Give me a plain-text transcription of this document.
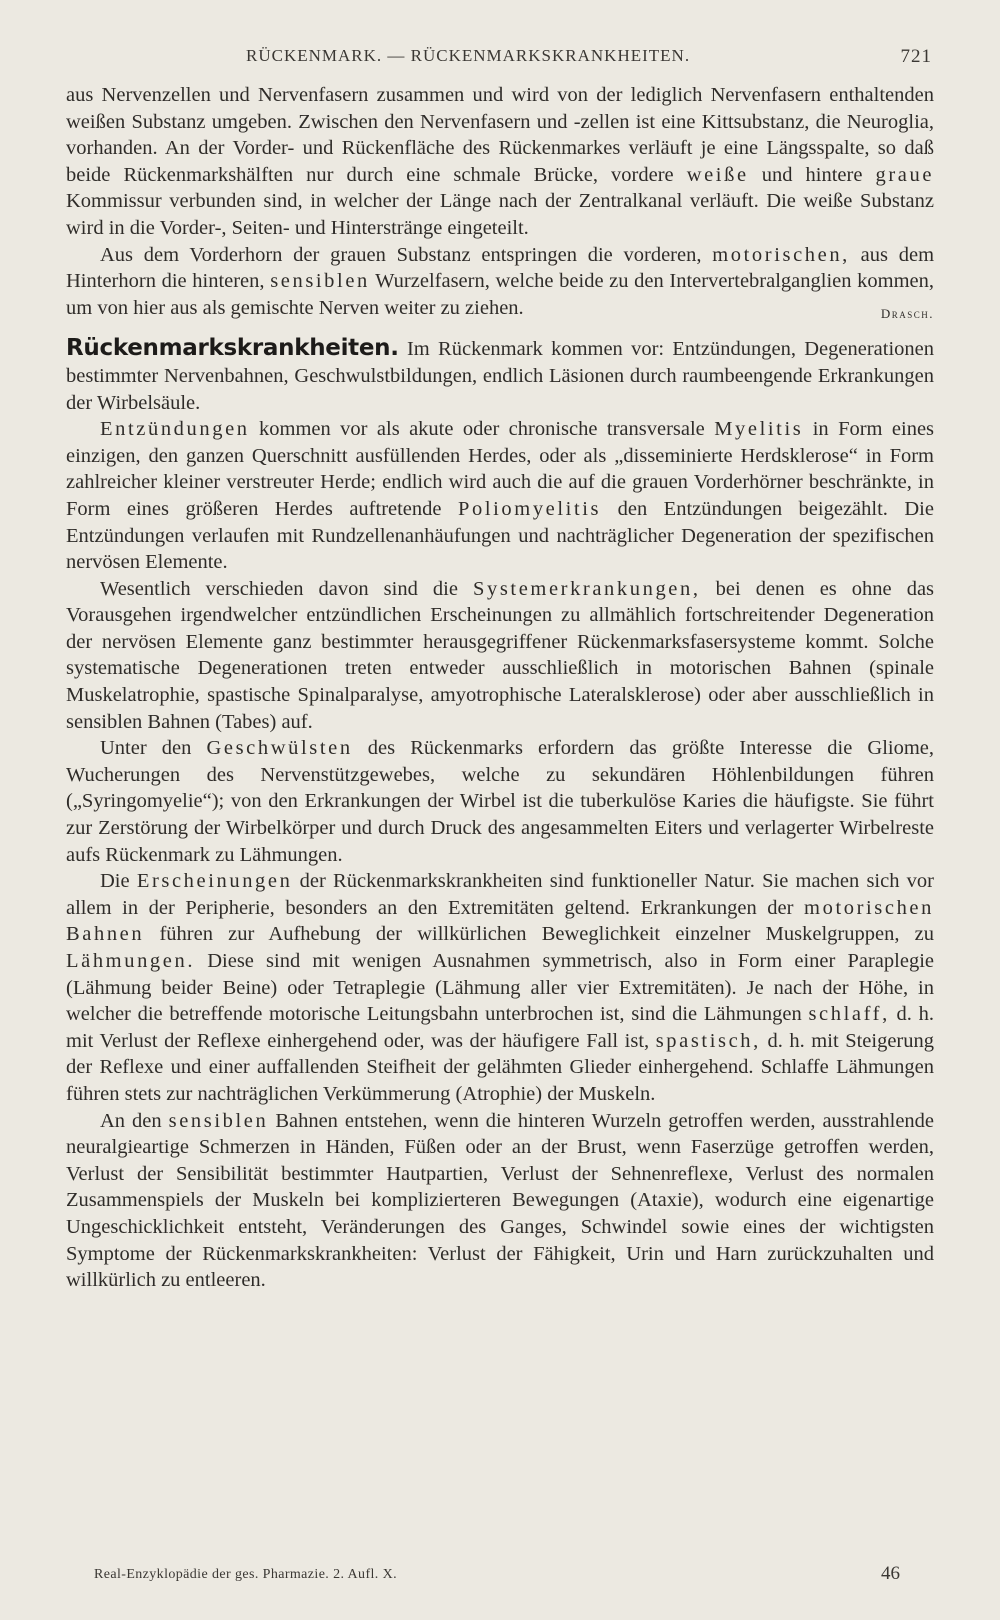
RÜCKENMARK. — RÜCKENMARKSKRANKHEITEN.	721

aus Nervenzellen und Nervenfasern zusammen und wird von der lediglich Nervenfasern enthaltenden weißen Substanz umgeben. Zwischen den Nervenfasern und -zellen ist eine Kittsubstanz, die Neuroglia, vorhanden. An der Vorder- und Rückenfläche des Rückenmarkes verläuft je eine Längsspalte, so daß beide Rückenmarkshälften nur durch eine schmale Brücke, vordere weiße und hintere graue Kommissur verbunden sind, in welcher der Länge nach der Zentralkanal verläuft. Die weiße Substanz wird in die Vorder-, Seiten- und Hinterstränge eingeteilt.

Aus dem Vorderhorn der grauen Substanz entspringen die vorderen, motorischen, aus dem Hinterhorn die hinteren, sensiblen Wurzelfasern, welche beide zu den Intervertebralganglien kommen, um von hier aus als gemischte Nerven weiter zu ziehen.	Drasch.

Rückenmarkskrankheiten. Im Rückenmark kommen vor: Entzündungen, Degenerationen bestimmter Nervenbahnen, Geschwulstbildungen, endlich Läsionen durch raumbeengende Erkrankungen der Wirbelsäule.

Entzündungen kommen vor als akute oder chronische transversale Myelitis in Form eines einzigen, den ganzen Querschnitt ausfüllenden Herdes, oder als „disseminierte Herdsklerose“ in Form zahlreicher kleiner verstreuter Herde; endlich wird auch die auf die grauen Vorderhörner beschränkte, in Form eines größeren Herdes auftretende Poliomyelitis den Entzündungen beigezählt. Die Entzündungen verlaufen mit Rundzellenanhäufungen und nachträglicher Degeneration der spezifischen nervösen Elemente.

Wesentlich verschieden davon sind die Systemerkrankungen, bei denen es ohne das Vorausgehen irgendwelcher entzündlichen Erscheinungen zu allmählich fortschreitender Degeneration der nervösen Elemente ganz bestimmter herausgegriffener Rückenmarksfasersysteme kommt. Solche systematische Degenerationen treten entweder ausschließlich in motorischen Bahnen (spinale Muskelatrophie, spastische Spinalparalyse, amyotrophische Lateralsklerose) oder aber ausschließlich in sensiblen Bahnen (Tabes) auf.

Unter den Geschwülsten des Rückenmarks erfordern das größte Interesse die Gliome, Wucherungen des Nervenstützgewebes, welche zu sekundären Höhlenbildungen führen („Syringomyelie“); von den Erkrankungen der Wirbel ist die tuberkulöse Karies die häufigste. Sie führt zur Zerstörung der Wirbelkörper und durch Druck des angesammelten Eiters und verlagerter Wirbelreste aufs Rückenmark zu Lähmungen.

Die Erscheinungen der Rückenmarkskrankheiten sind funktioneller Natur. Sie machen sich vor allem in der Peripherie, besonders an den Extremitäten geltend. Erkrankungen der motorischen Bahnen führen zur Aufhebung der willkürlichen Beweglichkeit einzelner Muskelgruppen, zu Lähmungen. Diese sind mit wenigen Ausnahmen symmetrisch, also in Form einer Paraplegie (Lähmung beider Beine) oder Tetraplegie (Lähmung aller vier Extremitäten). Je nach der Höhe, in welcher die betreffende motorische Leitungsbahn unterbrochen ist, sind die Lähmungen schlaff, d. h. mit Verlust der Reflexe einhergehend oder, was der häufigere Fall ist, spastisch, d. h. mit Steigerung der Reflexe und einer auffallenden Steifheit der gelähmten Glieder einhergehend. Schlaffe Lähmungen führen stets zur nachträglichen Verkümmerung (Atrophie) der Muskeln.

An den sensiblen Bahnen entstehen, wenn die hinteren Wurzeln getroffen werden, ausstrahlende neuralgieartige Schmerzen in Händen, Füßen oder an der Brust, wenn Faserzüge getroffen werden, Verlust der Sensibilität bestimmter Hautpartien, Verlust der Sehnenreflexe, Verlust des normalen Zusammenspiels der Muskeln bei komplizierteren Bewegungen (Ataxie), wodurch eine eigenartige Ungeschicklichkeit entsteht, Veränderungen des Ganges, Schwindel sowie eines der wichtigsten Symptome der Rückenmarkskrankheiten: Verlust der Fähigkeit, Urin und Harn zurückzuhalten und willkürlich zu entleeren.

Real-Enzyklopädie der ges. Pharmazie. 2. Aufl. X.	46
